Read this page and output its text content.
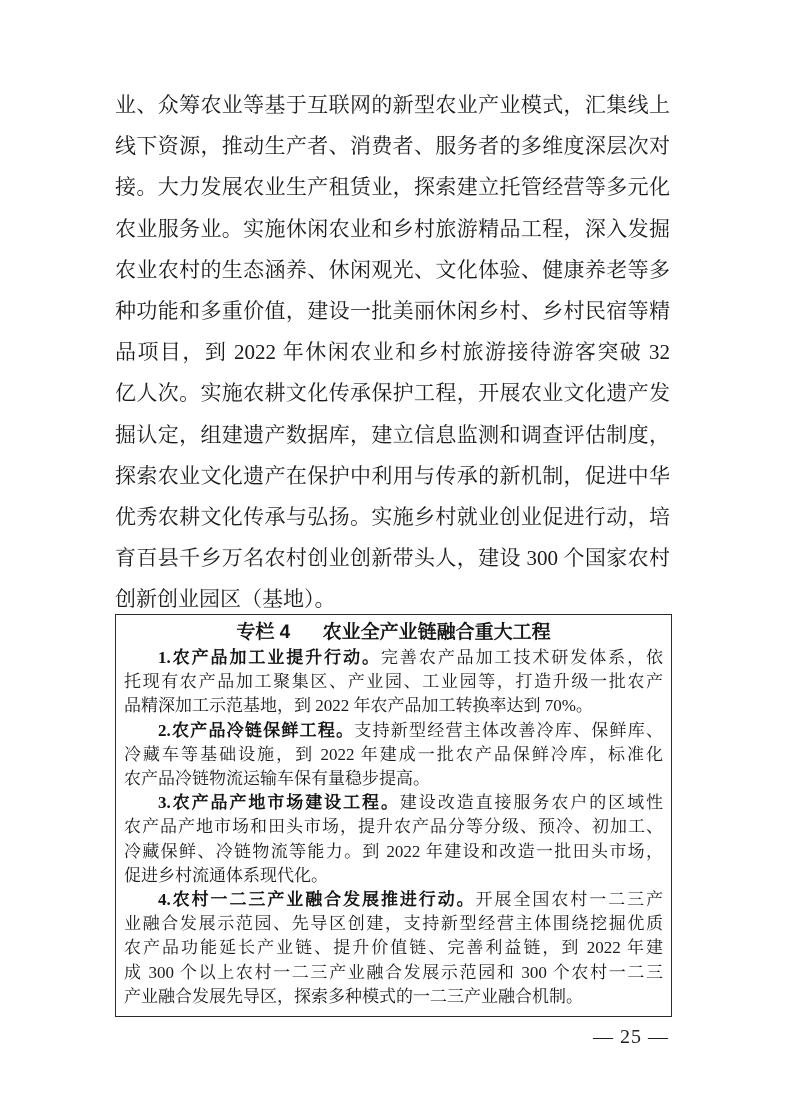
业、众筹农业等基于互联网的新型农业产业模式，汇集线上
线下资源，推动生产者、消费者、服务者的多维度深层次对
接。大力发展农业生产租赁业，探索建立托管经营等多元化
农业服务业。实施休闲农业和乡村旅游精品工程，深入发掘
农业农村的生态涵养、休闲观光、文化体验、健康养老等多
种功能和多重价值，建设一批美丽休闲乡村、乡村民宿等精
品项目，到 2022 年休闲农业和乡村旅游接待游客突破 32
亿人次。实施农耕文化传承保护工程，开展农业文化遗产发
掘认定，组建遗产数据库，建立信息监测和调查评估制度，
探索农业文化遗产在保护中利用与传承的新机制，促进中华
优秀农耕文化传承与弘扬。实施乡村就业创业促进行动，培
育百县千乡万名农村创业创新带头人，建设 300 个国家农村
创新创业园区（基地）。
专栏 4 农业全产业链融合重大工程
1.农产品加工业提升行动。完善农产品加工技术研发体系，依
托现有农产品加工聚集区、产业园、工业园等，打造升级一批农产
品精深加工示范基地，到 2022 年农产品加工转换率达到 70%。
2.农产品冷链保鲜工程。支持新型经营主体改善冷库、保鲜库、
冷藏车等基础设施，到 2022 年建成一批农产品保鲜冷库，标准化
农产品冷链物流运输车保有量稳步提高。
3.农产品产地市场建设工程。建设改造直接服务农户的区域性
农产品产地市场和田头市场，提升农产品分等分级、预冷、初加工、
冷藏保鲜、冷链物流等能力。到 2022 年建设和改造一批田头市场，
促进乡村流通体系现代化。
4.农村一二三产业融合发展推进行动。开展全国农村一二三产
业融合发展示范园、先导区创建，支持新型经营主体围绕挖掘优质
农产品功能延长产业链、提升价值链、完善利益链，到 2022 年建
成 300 个以上农村一二三产业融合发展示范园和 300 个农村一二三
产业融合发展先导区，探索多种模式的一二三产业融合机制。
— 25 —
